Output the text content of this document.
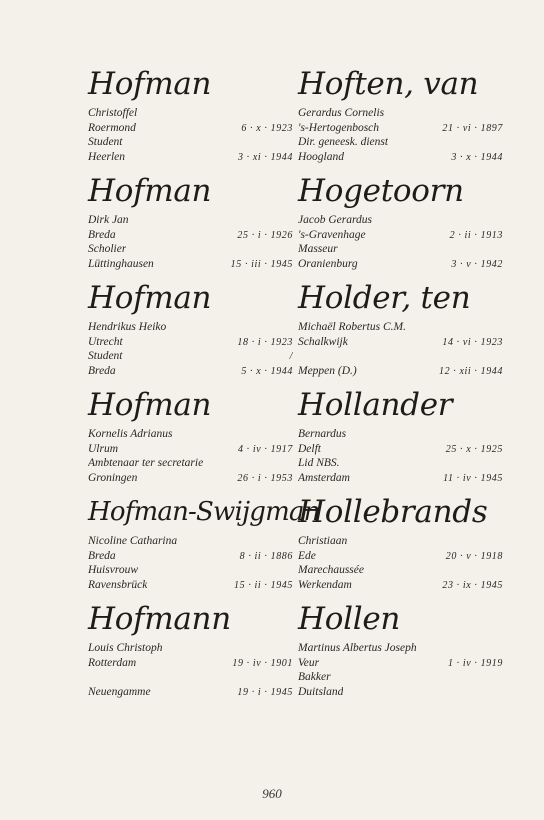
Hofman
Christoffel
Roermond	6 · x · 1923
Student
Heerlen	3 · xi · 1944
Hofman
Dirk Jan
Breda	25 · i · 1926
Scholier
Lüttinghausen	15 · iii · 1945
Hofman
Hendrikus Heiko
Utrecht	18 · i · 1923
Student	/
Breda	5 · x · 1944
Hofman
Kornelis Adrianus
Ulrum	4 · iv · 1917
Ambtenaar ter secretarie
Groningen	26 · i · 1953
Hofman-Swijgman
Nicoline Catharina
Breda	8 · ii · 1886
Huisvrouw
Ravensbrück	15 · ii · 1945
Hofmann
Louis Christoph
Rotterdam	19 · iv · 1901
Neuengamme	19 · i · 1945
Hoften, van
Gerardus Cornelis
's-Hertogenbosch	21 · vi · 1897
Dir. geneesk. dienst
Hoogland	3 · x · 1944
Hogetoorn
Jacob Gerardus
's-Gravenhage	2 · ii · 1913
Masseur
Oranienburg	3 · v · 1942
Holder, ten
Michaël Robertus C.M.
Schalkwijk	14 · vi · 1923
Meppen (D.)	12 · xii · 1944
Hollander
Bernardus
Delft	25 · x · 1925
Lid NBS.
Amsterdam	11 · iv · 1945
Hollebrands
Christiaan
Ede	20 · v · 1918
Marechaussée
Werkendam	23 · ix · 1945
Hollen
Martinus Albertus Joseph
Veur	1 · iv · 1919
Bakker
Duitsland
960
